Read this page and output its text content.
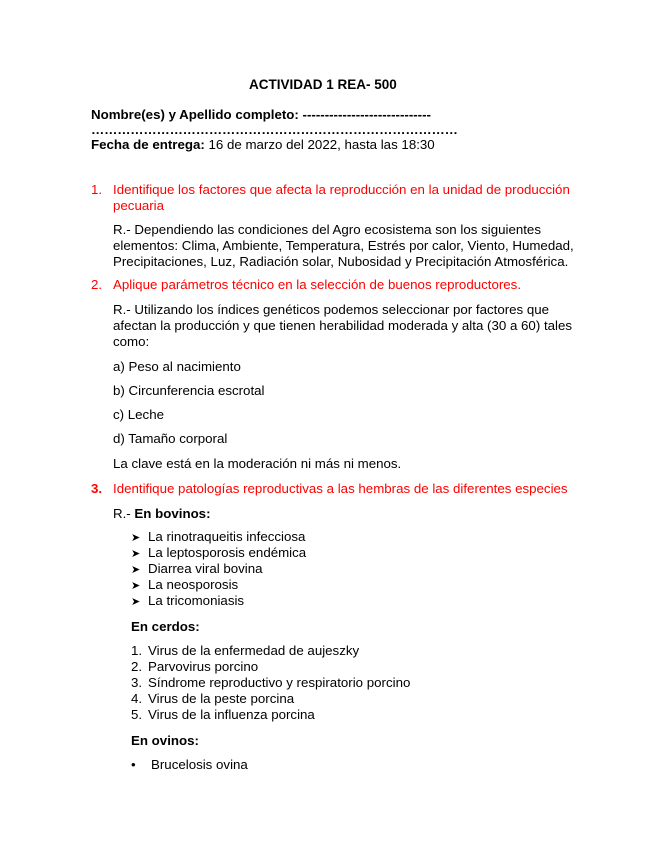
ACTIVIDAD 1 REA- 500
Nombre(es) y Apellido completo: -----------------------------
…………………………………………………………………………
Fecha de entrega: 16 de marzo del 2022, hasta las 18:30
1. Identifique los factores que afecta la reproducción en la unidad de producción
pecuaria
R.- Dependiendo las condiciones del Agro ecosistema son los siguientes
elementos: Clima, Ambiente, Temperatura, Estrés por calor, Viento, Humedad,
Precipitaciones, Luz, Radiación solar, Nubosidad y Precipitación Atmosférica.
2. Aplique parámetros técnico en la selección de buenos reproductores.
R.- Utilizando los índices genéticos podemos seleccionar por factores que
afectan la producción y que tienen herabilidad moderada y alta (30 a 60) tales
como:
a) Peso al nacimiento
b) Circunferencia escrotal
c) Leche
d) Tamaño corporal
La clave está en la moderación ni más ni menos.
3. Identifique patologías reproductivas a las hembras de las diferentes especies
R.- En bovinos:
➤ La rinotraqueitis infecciosa
➤ La leptosporosis endémica
➤ Diarrea viral bovina
➤ La neosporosis
➤ La tricomoniasis
En cerdos:
1. Virus de la enfermedad de aujeszky
2. Parvovirus porcino
3. Síndrome reproductivo y respiratorio porcino
4. Virus de la peste porcina
5. Virus de la influenza porcina
En ovinos:
• Brucelosis ovina
